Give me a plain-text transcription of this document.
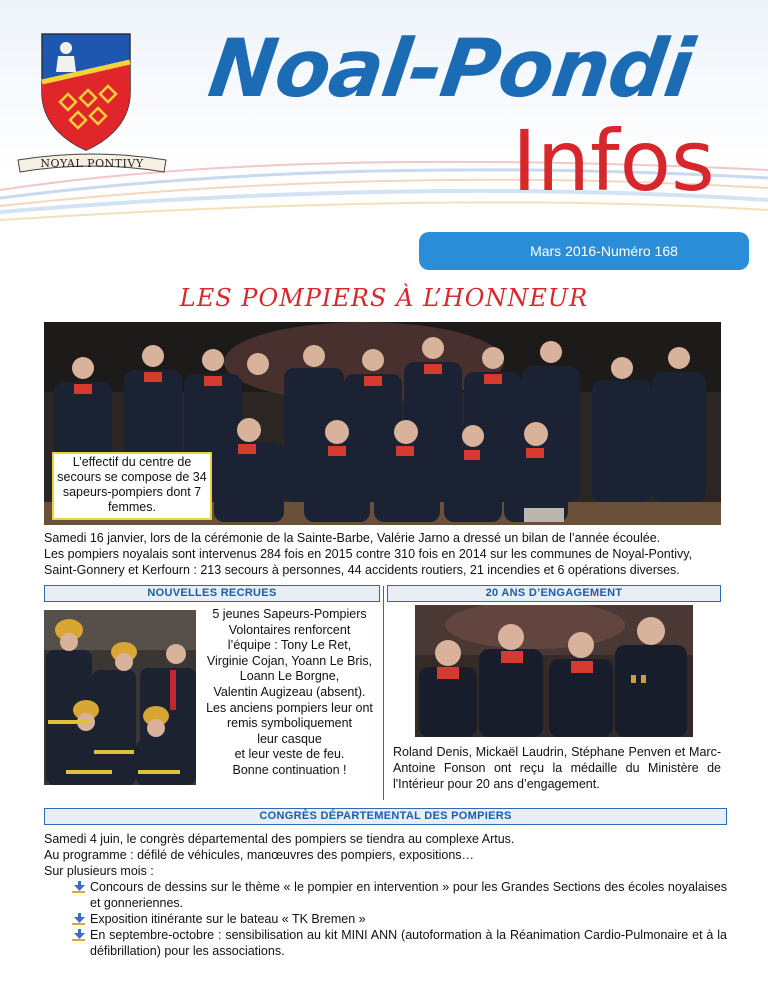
NOYAL PONTIVY
Noal-Pondi
Infos
Mars 2016-Numéro 168
LES POMPIERS À L’HONNEUR
L’effectif du centre de secours se compose de 34 sapeurs-pompiers dont 7 femmes.
Samedi 16 janvier, lors de la cérémonie de la Sainte-Barbe, Valérie Jarno a dressé un bilan de l’année écoulée.
Les pompiers noyalais sont intervenus 284 fois en 2015 contre 310 fois en 2014 sur les communes de Noyal-Pontivy, Saint-Gonnery et Kerfourn : 213 secours à personnes, 44 accidents routiers, 21 incendies et 6 opérations diverses.
NOUVELLES RECRUES
5 jeunes Sapeurs-Pompiers
Volontaires renforcent
l’équipe : Tony Le Ret,
Virginie Cojan, Yoann Le Bris,
Loann Le Borgne,
Valentin Augizeau (absent).
Les anciens pompiers leur ont
remis symboliquement
leur casque
et leur veste de feu.
Bonne continuation !
20 ANS D’ENGAGEMENT
Roland Denis, Mickaël Laudrin, Stéphane Penven et Marc-Antoine Fonson ont reçu la médaille du Ministère de l'Intérieur pour 20 ans d’engagement.
CONGRÈS DÉPARTEMENTAL DES POMPIERS
Samedi 4 juin, le congrès départemental des pompiers se tiendra au complexe Artus.
Au programme : défilé de véhicules, manœuvres des pompiers, expositions…
Sur plusieurs mois :
Concours de dessins sur le thème « le pompier en intervention » pour les Grandes Sections des écoles noyalaises et gonneriennes.
Exposition itinérante sur le bateau « TK Bremen »
En septembre-octobre : sensibilisation au kit MINI ANN (autoformation à la Réanimation Cardio-Pulmonaire et à la défibrillation) pour les associations.
